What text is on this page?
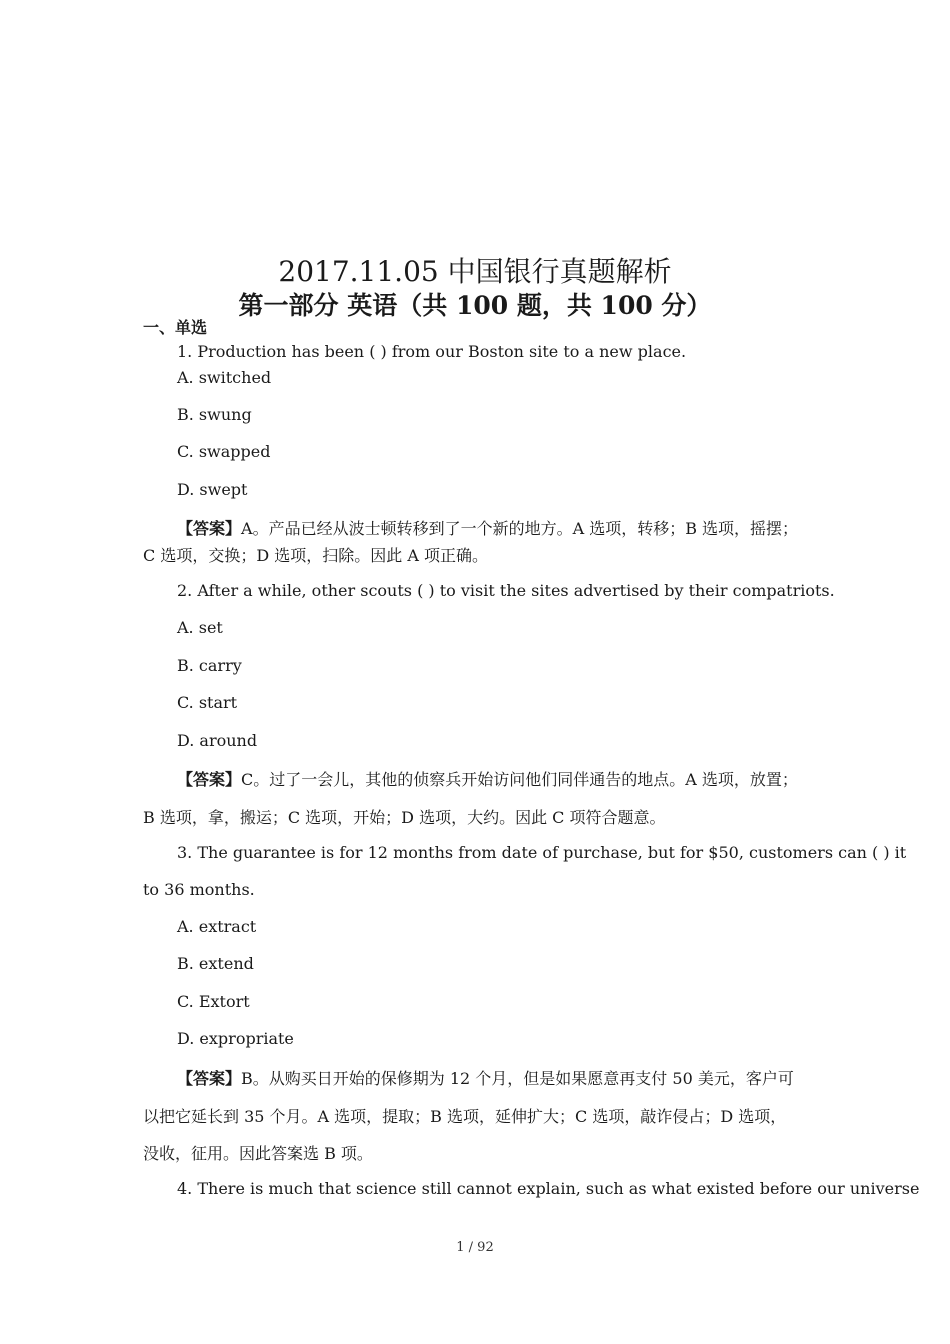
2017.11.05 中国银行真题解析
第一部分 英语（共 100 题，共 100 分）
一、单选
1. Production has been ( ) from our Boston site to a new place.
A. switched
B. swung
C. swapped
D. swept
【答案】A。产品已经从波士顿转移到了一个新的地方。A 选项，转移；B 选项，摇摆；
C 选项，交换；D 选项，扫除。因此 A 项正确。
2. After a while, other scouts ( ) to visit the sites advertised by their compatriots.
A. set
B. carry
C. start
D. around
【答案】C。过了一会儿，其他的侦察兵开始访问他们同伴通告的地点。A 选项，放置；
B 选项，拿，搬运；C 选项，开始；D 选项，大约。因此 C 项符合题意。
3. The guarantee is for 12 months from date of purchase, but for $50, customers can ( ) it
to 36 months.
A. extract
B. extend
C. Extort
D. expropriate
【答案】B。从购买日开始的保修期为 12 个月，但是如果愿意再支付 50 美元，客户可
以把它延长到 35 个月。A 选项，提取；B 选项，延伸扩大；C 选项，敲诈侵占；D 选项，
没收，征用。因此答案选 B 项。
4. There is much that science still cannot explain, such as what existed before our universe
1 / 92
